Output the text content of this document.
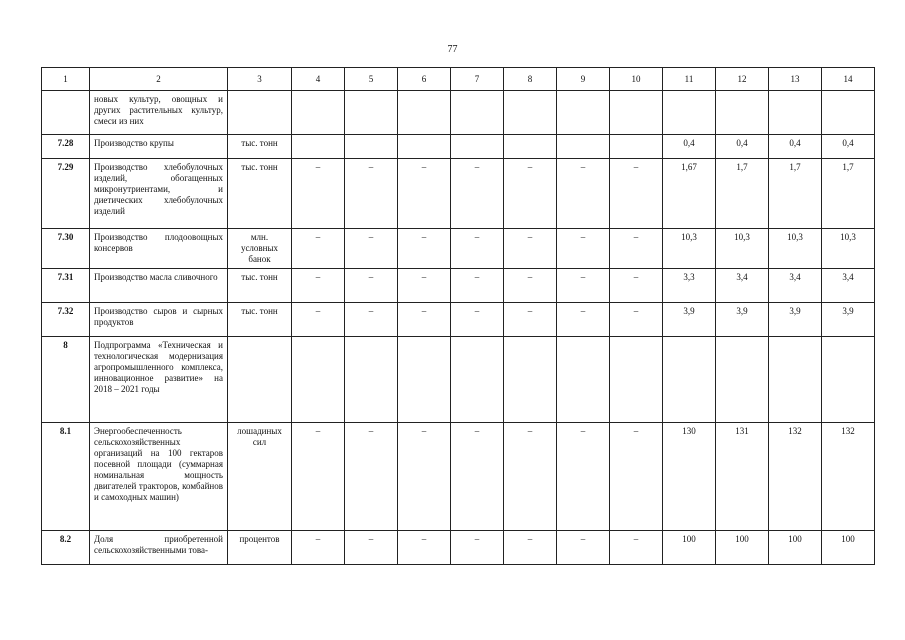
77
1	2	3	4	5	6	7	8	9	10	11	12	13	14
	новых культур, овощных и других растительных культур, смеси из них												
7.28	Производство крупы	тыс. тонн								0,4	0,4	0,4	0,4
7.29	Производство хлебобулочных изделий, обогащенных микронутриентами, и диетических хлебобулочных изделий	тыс. тонн	–	–	–	–	–	–	–	1,67	1,7	1,7	1,7
7.30	Производство плодоовощных консервов	млн. условных банок	–	–	–	–	–	–	–	10,3	10,3	10,3	10,3
7.31	Производство масла сливочного	тыс. тонн	–	–	–	–	–	–	–	3,3	3,4	3,4	3,4
7.32	Производство сыров и сырных продуктов	тыс. тонн	–	–	–	–	–	–	–	3,9	3,9	3,9	3,9
8	Подпрограмма «Техническая и технологическая модернизация агропромышленного комплекса, инновационное развитие» на 2018 – 2021 годы												
8.1	Энергообеспеченность сельскохозяйственных организаций на 100 гектаров посевной площади (суммарная номинальная мощность двигателей тракторов, комбайнов и самоходных машин)	лошадиных сил	–	–	–	–	–	–	–	130	131	132	132
8.2	Доля приобретенной сельскохозяйственными това-	процентов	–	–	–	–	–	–	–	100	100	100	100
